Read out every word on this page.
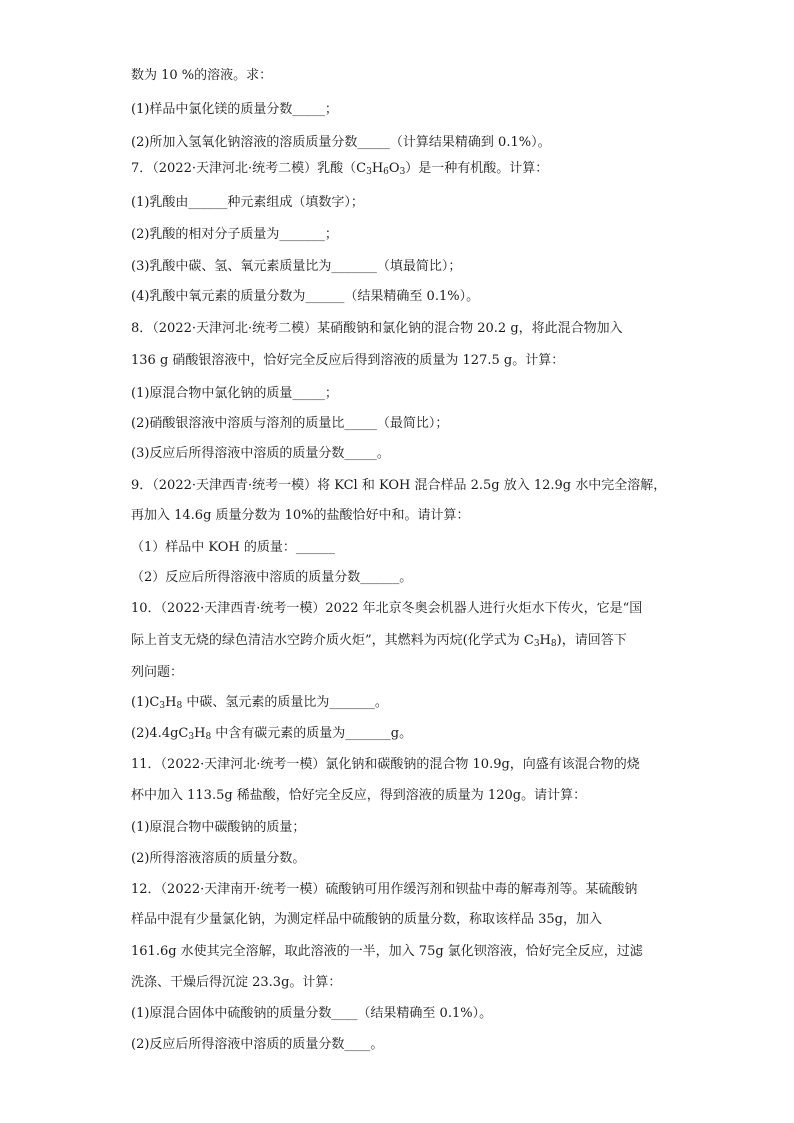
数为 10 %的溶液。求：
(1)样品中氯化镁的质量分数_____；
(2)所加入氢氧化钠溶液的溶质质量分数_____（计算结果精确到 0.1%）。
7．（2022·天津河北·统考二模）乳酸$(C_3H_6O_3)$是一种有机酸。计算：
(1)乳酸由______种元素组成（填数字）；
(2)乳酸的相对分子质量为_______；
(3)乳酸中碳、氢、氧元素质量比为_______（填最简比）；
(4)乳酸中氧元素的质量分数为______（结果精确至 0.1%）。
8．（2022·天津河北·统考二模）某硝酸钠和氯化钠的混合物 20.2 g，将此混合物加入
136 g 硝酸银溶液中，恰好完全反应后得到溶液的质量为 127.5 g。计算：
(1)原混合物中氯化钠的质量_____；
(2)硝酸银溶液中溶质与溶剂的质量比_____（最简比）；
(3)反应后所得溶液中溶质的质量分数_____。
9．（2022·天津西青·统考一模）将 KCl 和 KOH 混合样品 2.5g 放入 12.9g 水中完全溶解，
再加入 14.6g 质量分数为 10%的盐酸恰好中和。请计算：
（1）样品中 KOH 的质量：______
（2）反应后所得溶液中溶质的质量分数______。
10．（2022·天津西青·统考一模）2022 年北京冬奥会机器人进行火炬水下传火，它是“国
际上首支无烧的绿色清洁水空跨介质火炬”，其燃料为丙烷(化学式为 $C_3H_8$)，请回答下
列问题：
$(1)C_3H_8$ 中碳、氢元素的质量比为_______。
$(2)4.4gC_3H_8$ 中含有碳元素的质量为_______g。
11．（2022·天津河北·统考一模）氯化钠和碳酸钠的混合物 10.9g，向盛有该混合物的烧
杯中加入 113.5g 稀盐酸，恰好完全反应，得到溶液的质量为 120g。请计算：
(1)原混合物中碳酸钠的质量；
(2)所得溶液溶质的质量分数。
12．（2022·天津南开·统考一模）硫酸钠可用作缓泻剂和钡盐中毒的解毒剂等。某硫酸钠
样品中混有少量氯化钠，为测定样品中硫酸钠的质量分数，称取该样品 35g，加入
161.6g 水使其完全溶解，取此溶液的一半，加入 75g 氯化钡溶液，恰好完全反应，过滤
洗涤、干燥后得沉淀 23.3g。计算：
(1)原混合固体中硫酸钠的质量分数____（结果精确至 0.1%）。
(2)反应后所得溶液中溶质的质量分数____。
